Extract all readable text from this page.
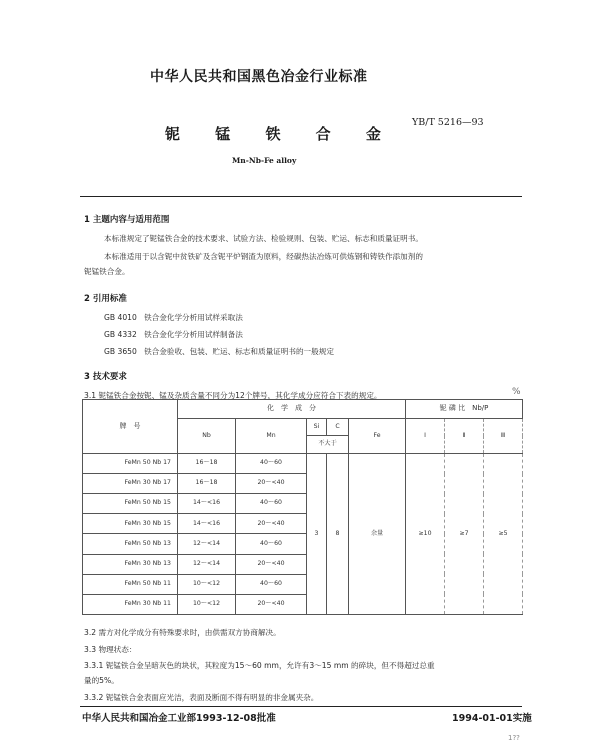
中华人民共和国黑色冶金行业标准
YB/T 5216—93
铌 锰 铁 合 金
Mn-Nb-Fe alloy
1 主题内容与适用范围
本标准规定了铌锰铁合金的技术要求、试验方法、检验规则、包装、贮运、标志和质量证明书。
本标准适用于以含铌中贫铁矿及含铌平炉钢渣为原料，经碳热法冶炼可供炼钢和铸铁作添加剂的
铌锰铁合金。
2 引用标准
GB 4010 铁合金化学分析用试样采取法
GB 4332 铁合金化学分析用试样制备法
GB 3650 铁合金验收、包装、贮运、标志和质量证明书的一般规定
3 技术要求
3.1 铌锰铁合金按铌、锰及杂质含量不同分为12个牌号，其化学成分应符合下表的规定。	%
牌　号	化　学　成　分					铌 磷 比　Nb/P		
	Nb	Mn	Si	C	Fe	Ⅰ	Ⅱ	Ⅲ
			不大于					
FeMn 50 Nb 17	16～18	40～60	3	8	余量	≥10	≥7	≥5
FeMn 30 Nb 17	16～18	20～<40						
FeMn 50 Nb 15	14～<16	40～60						
FeMn 30 Nb 15	14～<16	20～<40						
FeMn 50 Nb 13	12～<14	40～60						
FeMn 30 Nb 13	12～<14	20～<40						
FeMn 50 Nb 11	10～<12	40～60						
FeMn 30 Nb 11	10～<12	20～<40						
3.2 需方对化学成分有特殊要求时，由供需双方协商解决。
3.3 物理状态：
3.3.1 铌锰铁合金呈暗灰色的块状，其粒度为15～60 mm，允许有3～15 mm 的碎块，但不得超过总重
量的5%。
3.3.2 铌锰铁合金表面应光洁，表面及断面不得有明显的非金属夹杂。
中华人民共和国冶金工业部1993-12-08批准	1994-01-01实施
1??
